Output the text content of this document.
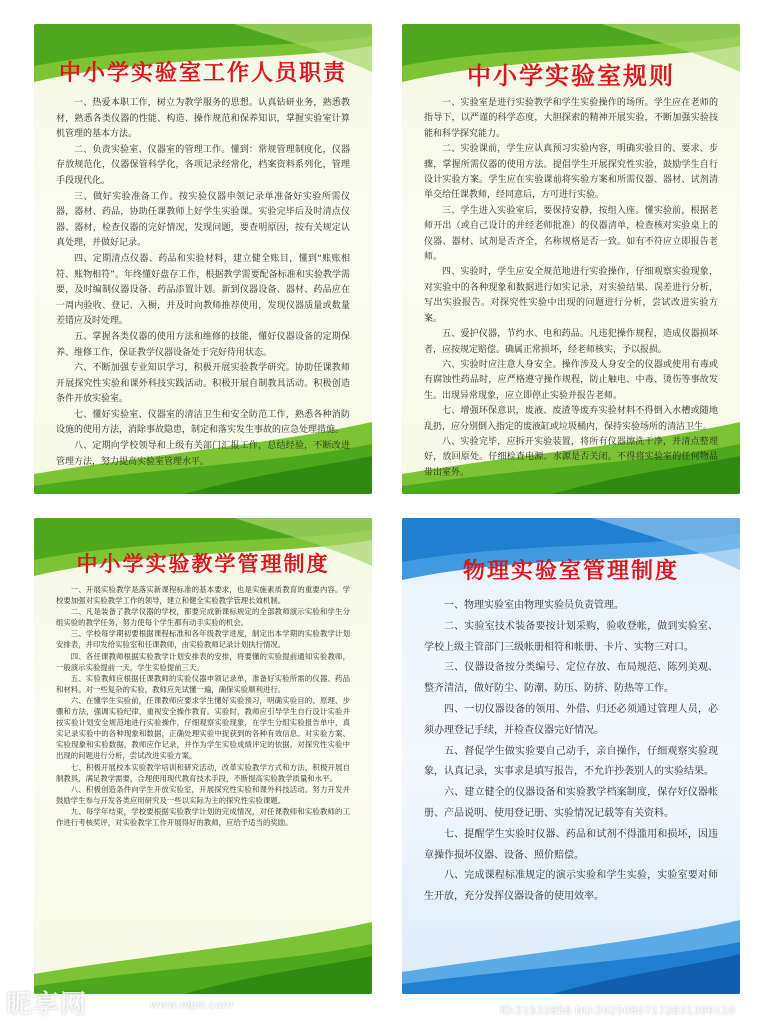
中小学实验室工作人员职责

一、热爱本职工作，树立为教学服务的思想。认真钻研业务，熟悉教材，熟悉各类仪器的性能、构造、操作规范和保养知识，掌握实验室计算机管理的基本方法。

二、负责实验室、仪器室的管理工作。懂到：常规管理制度化，仪器存放规范化，仪器保管科学化，各项记录经常化，档案资料系列化，管理手段现代化。

三、做好实验准备工作。按实验仪器申领记录单准备好实验所需仪器，器材、药品，协助任课教师上好学生实验课。实验完毕后及时清点仪器、器材，检查仪器的完好情况，发现问题，要查明原因，按有关规定认真处理，并做好记录。

四、定期清点仪器、药品和实验材料，建立健全账目，懂到“账账相符、账物相符”。年终懂好盘存工作，根据教学需要配备标准和实验教学需要，及时编制仪器设备、药品添置计划。新到仪器设备、器材、药品应在一周内验收、登记、入橱，并及时向教师推荐使用，发现仪器质量或数量差错应及时处理。

五、掌握各类仪器的使用方法和维修的技能，懂好仪器设备的定期保养、维修工作，保证教学仪器设备处于完好待用状态。

六、不断加强专业知识学习，积极开展实验教学研究。协助任课教师开展探究性实验和课外科技实践活动。积极开展自制教具活动。积极创造条件开放实验室。

七、懂好实验室、仪器室的清洁卫生和安全防范工作，熟悉各种消防设施的使用方法，消除事故隐患，制定和落实发生事故的应急处理措施。

八、定期向学校领导和上级有关部门汇报工作，总结经验，不断改进管理方法，努力提高实验室管理水平。

中小学实验室规则

一、实验室是进行实验教学和学生实验操作的场所。学生应在老师的指导下，以严谨的科学态度，大胆探索的精神开展实验，不断加强实验技能和科学探究能力。

二、实验课前，学生应认真预习实验内容，明确实验目的、要求、步骤，掌握所需仪器的使用方法。提倡学生开展探究性实验，鼓励学生自行设计实验方案。学生应在实验课前将实验方案和所需仪器、器材、试剂清单交给任课教师，经同意后，方可进行实验。

三、学生进入实验室后，要保持安静，按组入座。懂实验前，根据老师开出（或自己设计的并经老师批准）的仪器清单，检查核对实验桌上的仪器、器材、试剂是否齐全，名称规格是否一致。如有不符应立即报告老师。

四、实验时，学生应安全规范地进行实验操作，仔细观察实验现象，对实验中的各种现象和数据进行如实记录，对实验结果、误差进行分析，写出实验报告。对探究性实验中出现的问题进行分析，尝试改进实验方案。

五、爱护仪器，节约水、电和药品。凡违犯操作规程，造成仪器损坏者，应按规定赔偿。确属正常损坏，经老师核实，予以报损。

六、实验时应注意人身安全。操作涉及人身安全的仪器或使用有毒或有腐蚀性药品时，应严格遵守操作规程，防止触电、中毒、烫伤等事故发生。出现异常现象，应立即停止实验并报告老师。

七、增强环保意识，废液、废渣等废弃实验材料不得倒入水槽或随地乱扔，应分别倒入指定的废液缸或垃圾桶内，保持实验场所的清洁卫生。

八、实验完毕，应拆开实验装置，将所有仪器擦洗干净，并清点整理好，放回原处。仔细检查电源、水源是否关闭。不得将实验室的任何物品带出室外。

中小学实验教学管理制度

一、开展实验教学是落实新课程标准的基本要求，也是实施素质教育的重要内容。学校要加强对实验教学工作的领导，建立和健全实验教学管理长效机制。

二、凡是装备了教学仪器的学校，都要完成新课标规定的全部教师演示实验和学生分组实验的教学任务，努力使每个学生都有动手实验的机会。

三、学校每学期初要根据课程标准和各年级教学进度，制定出本学期的实验教学计划安排表，并印发给实验室和任课教师，由实验教师记录计划执行情况。

四、各任课教师根据实验教学计划安排表的安排，将要懂的实验提前通知实验教师，一般演示实验提前一天，学生实验提前三天。

五、实验教师应根据任课教师的实验仪器申领记录单，准备好实验所需的仪器、药品和材料。对一些复杂的实验，教师应先试懂一遍，确保实验顺利进行。

六、在懂学生实验前，任课教师应要求学生懂好实验预习，明确实验目的、原理、步骤和方法，强调实验纪律，重视安全操作教育。实验时，教师应引导学生自行设计实验并按实验计划安全规范地进行实验操作，仔细观察实验现象，在学生分组实验报告单中，真实记录实验中的各种现象和数据，正确处理实验中捉获到的各种有效信息。对实验方案、实验现象和实验数据，教师应作记录，并作为学生实验成绩评定的依据。对探究性实验中出现的问题进行分析，尝试改进实验方案。

七、积极开展校本实验教学培训和研究活动，改革实验教学方式和方法，积极开展自制教具，满足教学需要，合理使用现代教育技术手段，不断提高实验教学质量和水平。

八、积极创造条件向学生开放实验室，开展探究性实验和课外科技活动。努力开发并鼓励学生参与开发各类应用研究及一些以实际为主的探究性实验课题。

九、每学年结束，学校要根据实验教学计划的完成情况，对任课教师和实验教师的工作进行考核奖评，对实验教学工作开展得好的教师，应给予适当的奖励。

物理实验室管理制度

一、物理实验室由物理实验员负责管理。

二、实验室技术装备要按计划采购，验收登帐，做到实验室、学校上级主管部门三级帐册相符和帐册、卡片、实物三对口。

三、仪器设备按分类编号、定位存放、布局规范、陈列美观、整齐清洁，做好防尘、防潮、防压、防挤、防热等工作。

四、一切仪器设备的领用、外借、归还必须通过管理人员，必须办理登记手续，并检查仪器完好情况。

五、督促学生做实验要自己动手，亲自操作，仔细观察实验现象，认真记录，实事求是填写报告，不允许抄袭别人的实验结果。

六、建立健全的仪器设备和实验教学档案制度，保存好仪器帐册、产品说明、使用登记册、实验情况记载等有关资料。

七、提醒学生实验时仪器、药品和试剂不得滥用和损坏，因违章操作损坏仪器、设备、照价赔偿。

八、完成课程标准规定的演示实验和学生实验，实验室要对师生开放，充分发挥仪器设备的使用效率。

昵享网	www.nipic.com	ID:21532856 NO:20250807172831399110
